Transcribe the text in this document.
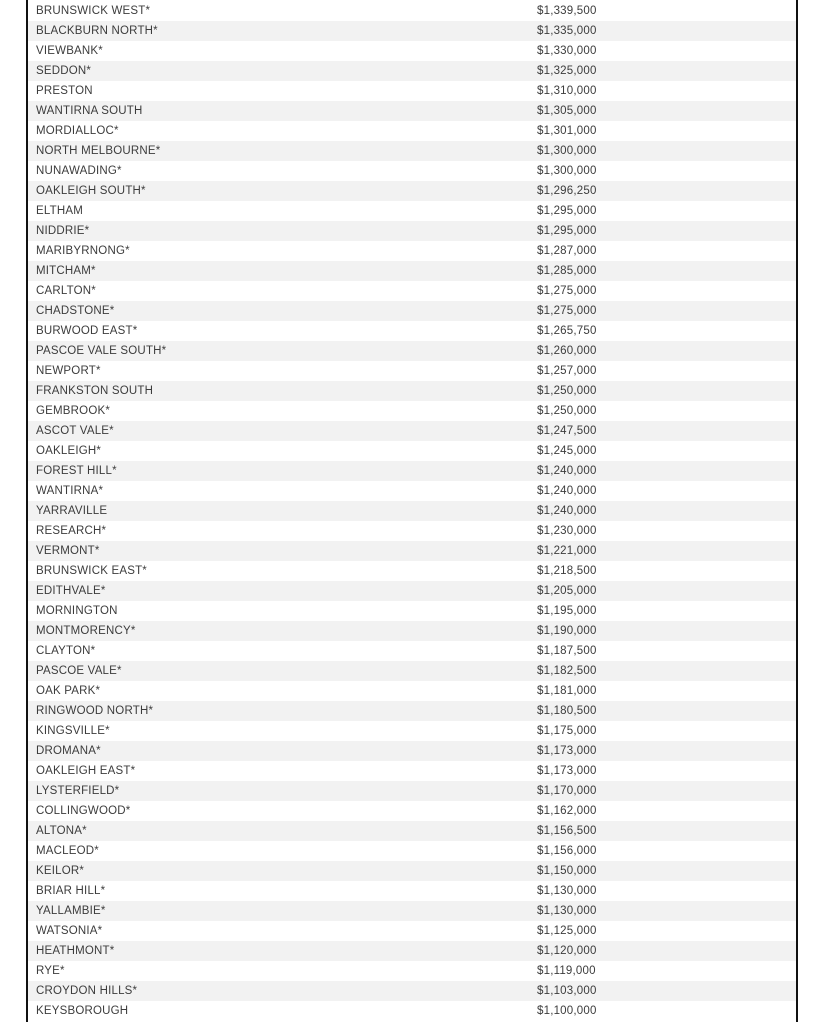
BRUNSWICK WEST*	$1,339,500
BLACKBURN NORTH*	$1,335,000
VIEWBANK*	$1,330,000
SEDDON*	$1,325,000
PRESTON	$1,310,000
WANTIRNA SOUTH	$1,305,000
MORDIALLOC*	$1,301,000
NORTH MELBOURNE*	$1,300,000
NUNAWADING*	$1,300,000
OAKLEIGH SOUTH*	$1,296,250
ELTHAM	$1,295,000
NIDDRIE*	$1,295,000
MARIBYRNONG*	$1,287,000
MITCHAM*	$1,285,000
CARLTON*	$1,275,000
CHADSTONE*	$1,275,000
BURWOOD EAST*	$1,265,750
PASCOE VALE SOUTH*	$1,260,000
NEWPORT*	$1,257,000
FRANKSTON SOUTH	$1,250,000
GEMBROOK*	$1,250,000
ASCOT VALE*	$1,247,500
OAKLEIGH*	$1,245,000
FOREST HILL*	$1,240,000
WANTIRNA*	$1,240,000
YARRAVILLE	$1,240,000
RESEARCH*	$1,230,000
VERMONT*	$1,221,000
BRUNSWICK EAST*	$1,218,500
EDITHVALE*	$1,205,000
MORNINGTON	$1,195,000
MONTMORENCY*	$1,190,000
CLAYTON*	$1,187,500
PASCOE VALE*	$1,182,500
OAK PARK*	$1,181,000
RINGWOOD NORTH*	$1,180,500
KINGSVILLE*	$1,175,000
DROMANA*	$1,173,000
OAKLEIGH EAST*	$1,173,000
LYSTERFIELD*	$1,170,000
COLLINGWOOD*	$1,162,000
ALTONA*	$1,156,500
MACLEOD*	$1,156,000
KEILOR*	$1,150,000
BRIAR HILL*	$1,130,000
YALLAMBIE*	$1,130,000
WATSONIA*	$1,125,000
HEATHMONT*	$1,120,000
RYE*	$1,119,000
CROYDON HILLS*	$1,103,000
KEYSBOROUGH	$1,100,000
